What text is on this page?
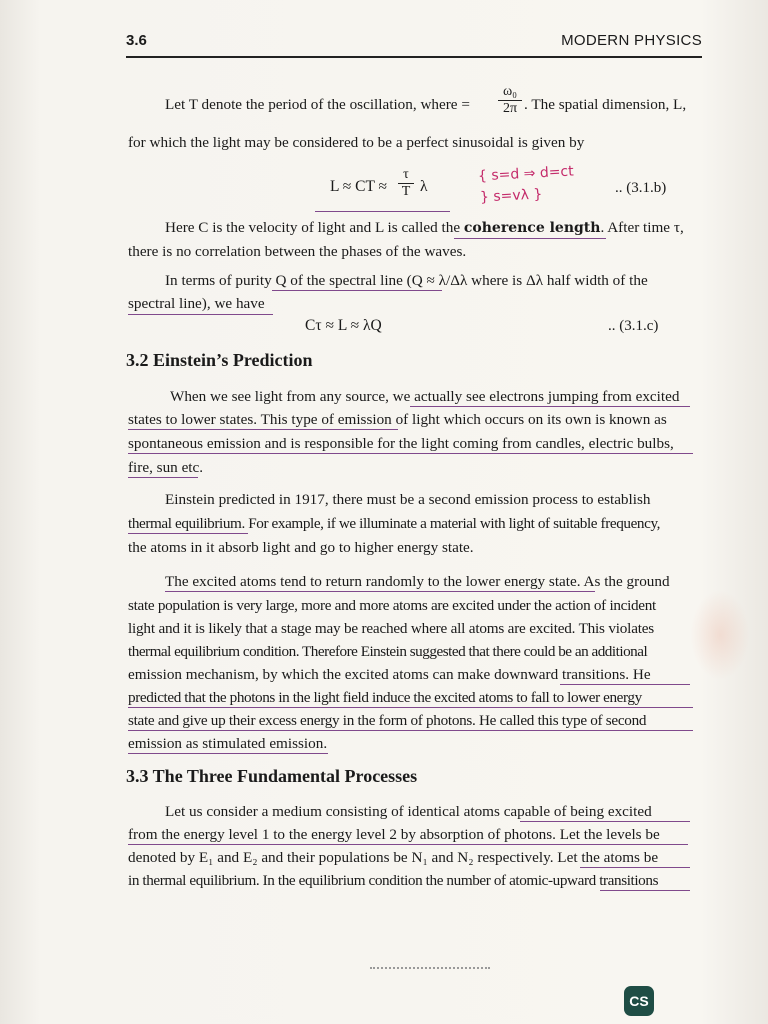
3.6	MODERN PHYSICS
Let T denote the period of the oscillation, where = $\frac{\text{ω₀}}{2\pi}$ . The spatial dimension, L,
for which the light may be considered to be a perfect sinusoidal is given by
L ≈ CT ≈ $\frac{\tau}{T}$ λ	.. (3.1.b)
{ s=d ⇒ d=ct
} s=vλ }
Here C is the velocity of light and L is called the coherence length. After time τ,
there is no correlation between the phases of the waves.
In terms of purity Q of the spectral line (Q ≈ λ/Δλ where is Δλ half width of the
spectral line), we have
Cτ ≈ L ≈ λQ	.. (3.1.c)
3.2 Einstein’s Prediction
When we see light from any source, we actually see electrons jumping from excited
states to lower states. This type of emission of light which occurs on its own is known as
spontaneous emission and is responsible for the light coming from candles, electric bulbs,
fire, sun etc.
Einstein predicted in 1917, there must be a second emission process to establish
thermal equilibrium. For example, if we illuminate a material with light of suitable frequency,
the atoms in it absorb light and go to higher energy state.
The excited atoms tend to return randomly to the lower energy state. As the ground
state population is very large, more and more atoms are excited under the action of incident
light and it is likely that a stage may be reached where all atoms are excited. This violates
thermal equilibrium condition. Therefore Einstein suggested that there could be an additional
emission mechanism, by which the excited atoms can make downward transitions. He
predicted that the photons in the light field induce the excited atoms to fall to lower energy
state and give up their excess energy in the form of photons. He called this type of second
emission as stimulated emission.
3.3 The Three Fundamental Processes
Let us consider a medium consisting of identical atoms capable of being excited
from the energy level 1 to the energy level 2 by absorption of photons. Let the levels be
denoted by E₁ and E₂ and their populations be N₁ and N₂ respectively. Let the atoms be
in thermal equilibrium. In the equilibrium condition the number of atomic-upward transitions
CS
